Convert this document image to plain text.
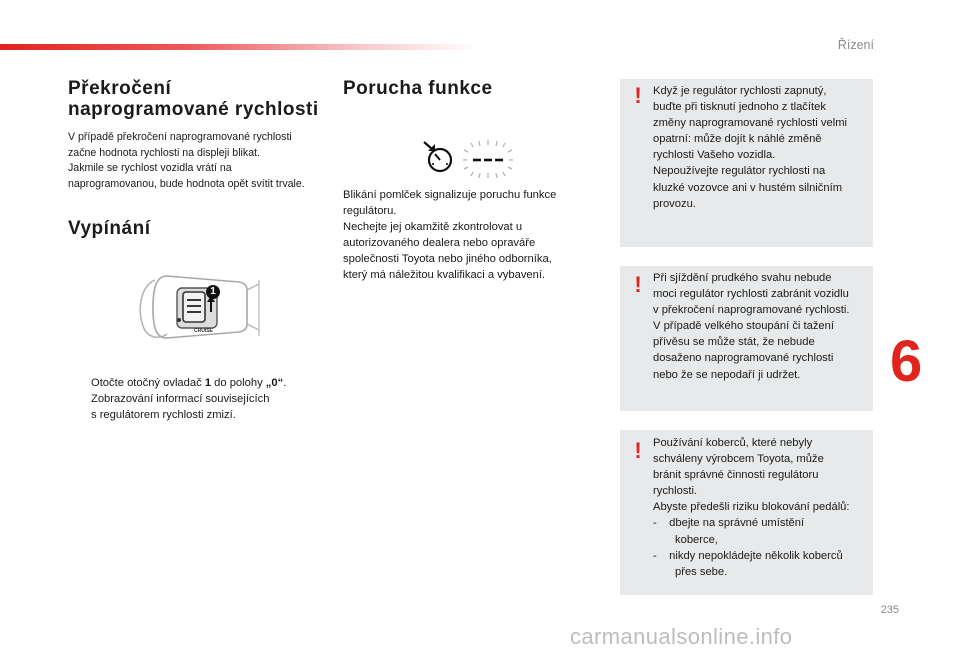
Řízení
Překročení
naprogramované rychlosti
V případě překročení naprogramované rychlosti
začne hodnota rychlosti na displeji blikat.
Jakmile se rychlost vozidla vrátí na
naprogramovanou, bude hodnota opět svítit trvale.
Vypínání
1
CRUISE
Otočte otočný ovladač 1 do polohy „0“.
Zobrazování informací souvisejících
s regulátorem rychlosti zmizí.
Porucha funkce
Blikání pomlček signalizuje poruchu funkce
regulátoru.
Nechejte jej okamžitě zkontrolovat u
autorizovaného dealera nebo opraváře
společnosti Toyota nebo jiného odborníka,
který má náležitou kvalifikaci a vybavení.
! Když je regulátor rychlosti zapnutý,
buďte při tisknutí jednoho z tlačítek
změny naprogramované rychlosti velmi
opatrní: může dojít k náhlé změně
rychlosti Vašeho vozidla.
Nepoužívejte regulátor rychlosti na
kluzké vozovce ani v hustém silničním
provozu.
! Při sjíždění prudkého svahu nebude
moci regulátor rychlosti zabránit vozidlu
v překročení naprogramované rychlosti.
V případě velkého stoupání či tažení
přívěsu se může stát, že nebude
dosaženo naprogramované rychlosti
nebo že se nepodaří ji udržet.
! Používání koberců, které nebyly
schváleny výrobcem Toyota, může
bránit správné činnosti regulátoru
rychlosti.
Abyste předešli riziku blokování pedálů:
-    dbejte na správné umístění
koberce,
-    nikdy nepokládejte několik koberců
přes sebe.
6
235
carmanualsonline.info
